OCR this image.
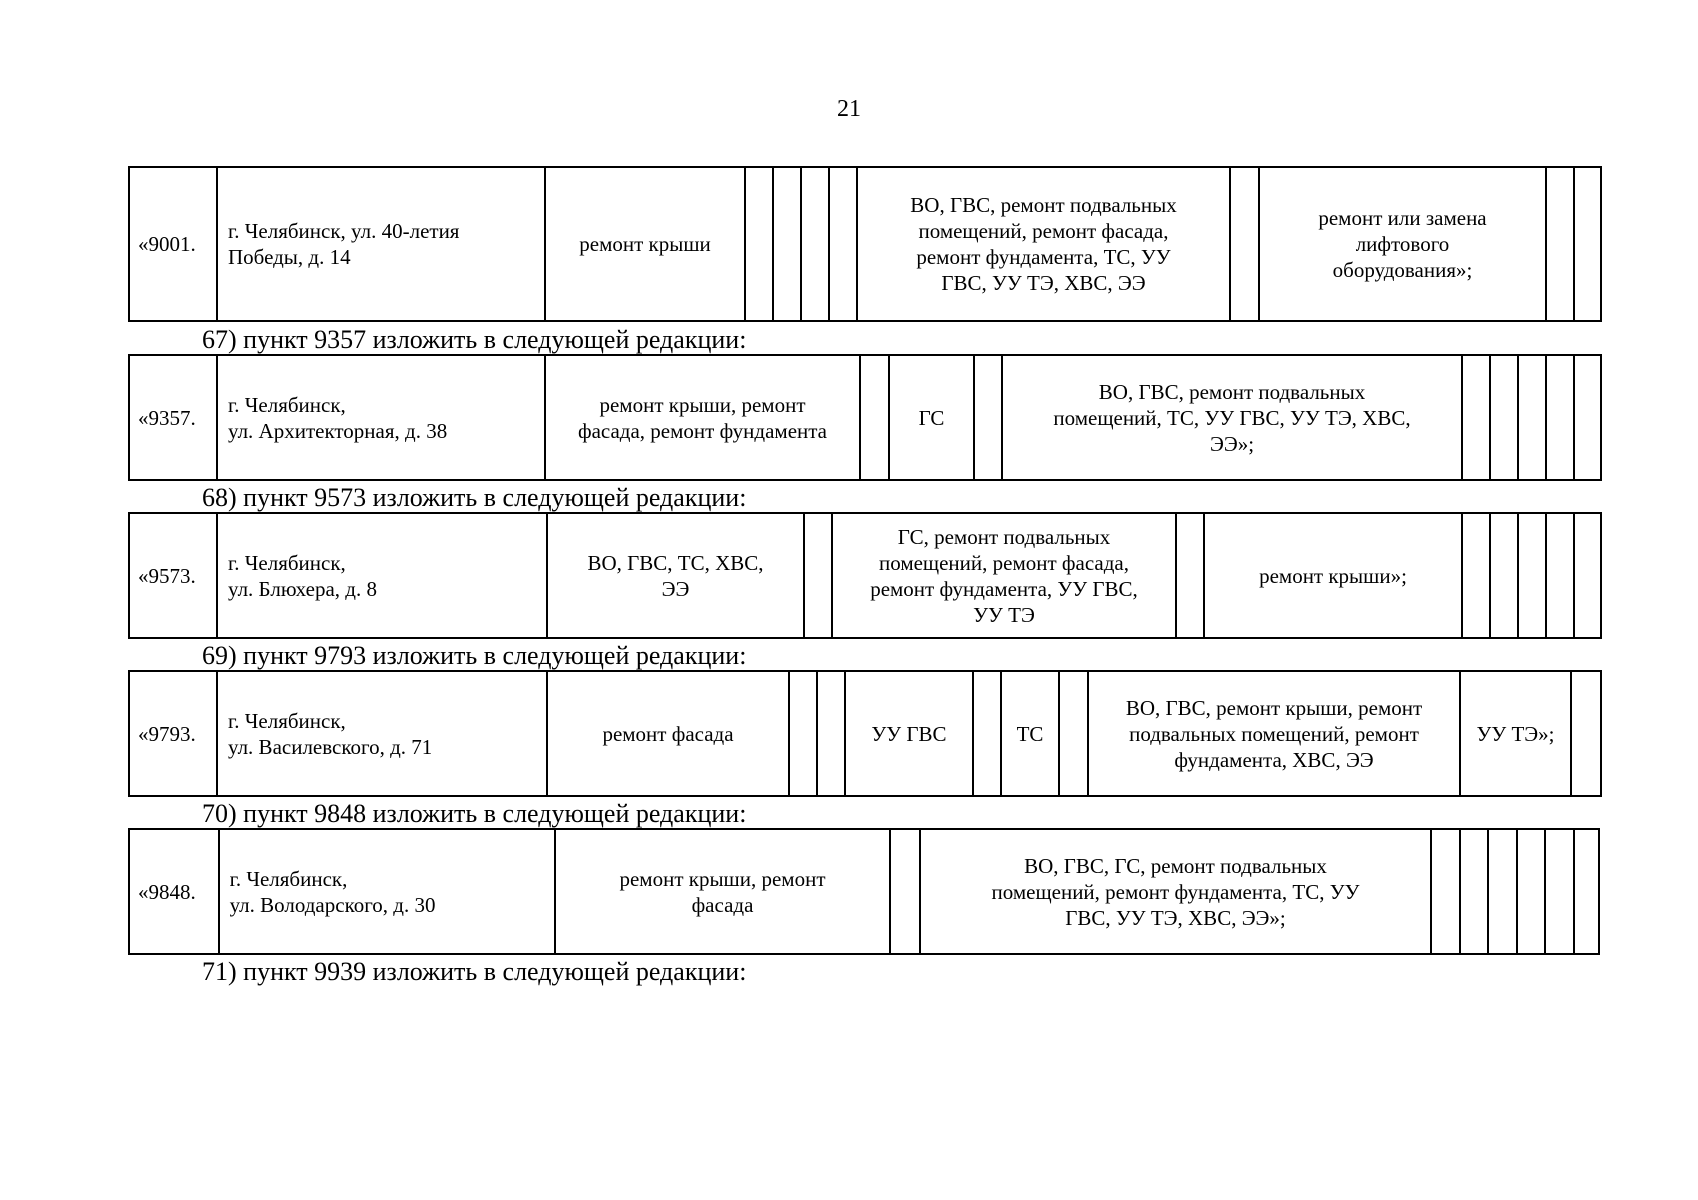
21
«9001.	г. Челябинск, ул. 40-летия
Победы, д. 14	ремонт крыши					ВО, ГВС, ремонт подвальных
помещений, ремонт фасада,
ремонт фундамента, ТС, УУ
ГВС, УУ ТЭ, ХВС, ЭЭ		ремонт или замена
лифтового
оборудования»;		
67) пункт 9357 изложить в следующей редакции:
«9357.	г. Челябинск,
ул. Архитекторная, д. 38	ремонт крыши, ремонт
фасада, ремонт фундамента		ГС		ВО, ГВС, ремонт подвальных
помещений, ТС, УУ ГВС, УУ ТЭ, ХВС,
ЭЭ»;					
68) пункт 9573 изложить в следующей редакции:
«9573.	г. Челябинск,
ул. Блюхера, д. 8	ВО, ГВС, ТС, ХВС,
ЭЭ		ГС, ремонт подвальных
помещений, ремонт фасада,
ремонт фундамента, УУ ГВС,
УУ ТЭ		ремонт крыши»;					
69) пункт 9793 изложить в следующей редакции:
«9793.	г. Челябинск,
ул. Василевского, д. 71	ремонт фасада			УУ ГВС		ТС		ВО, ГВС, ремонт крыши, ремонт
подвальных помещений, ремонт
фундамента, ХВС, ЭЭ	УУ ТЭ»;	
70) пункт 9848 изложить в следующей редакции:
«9848.	г. Челябинск,
ул. Володарского, д. 30	ремонт крыши, ремонт
фасада		ВО, ГВС, ГС, ремонт подвальных
помещений, ремонт фундамента, ТС, УУ
ГВС, УУ ТЭ, ХВС, ЭЭ»;						
71) пункт 9939 изложить в следующей редакции:
